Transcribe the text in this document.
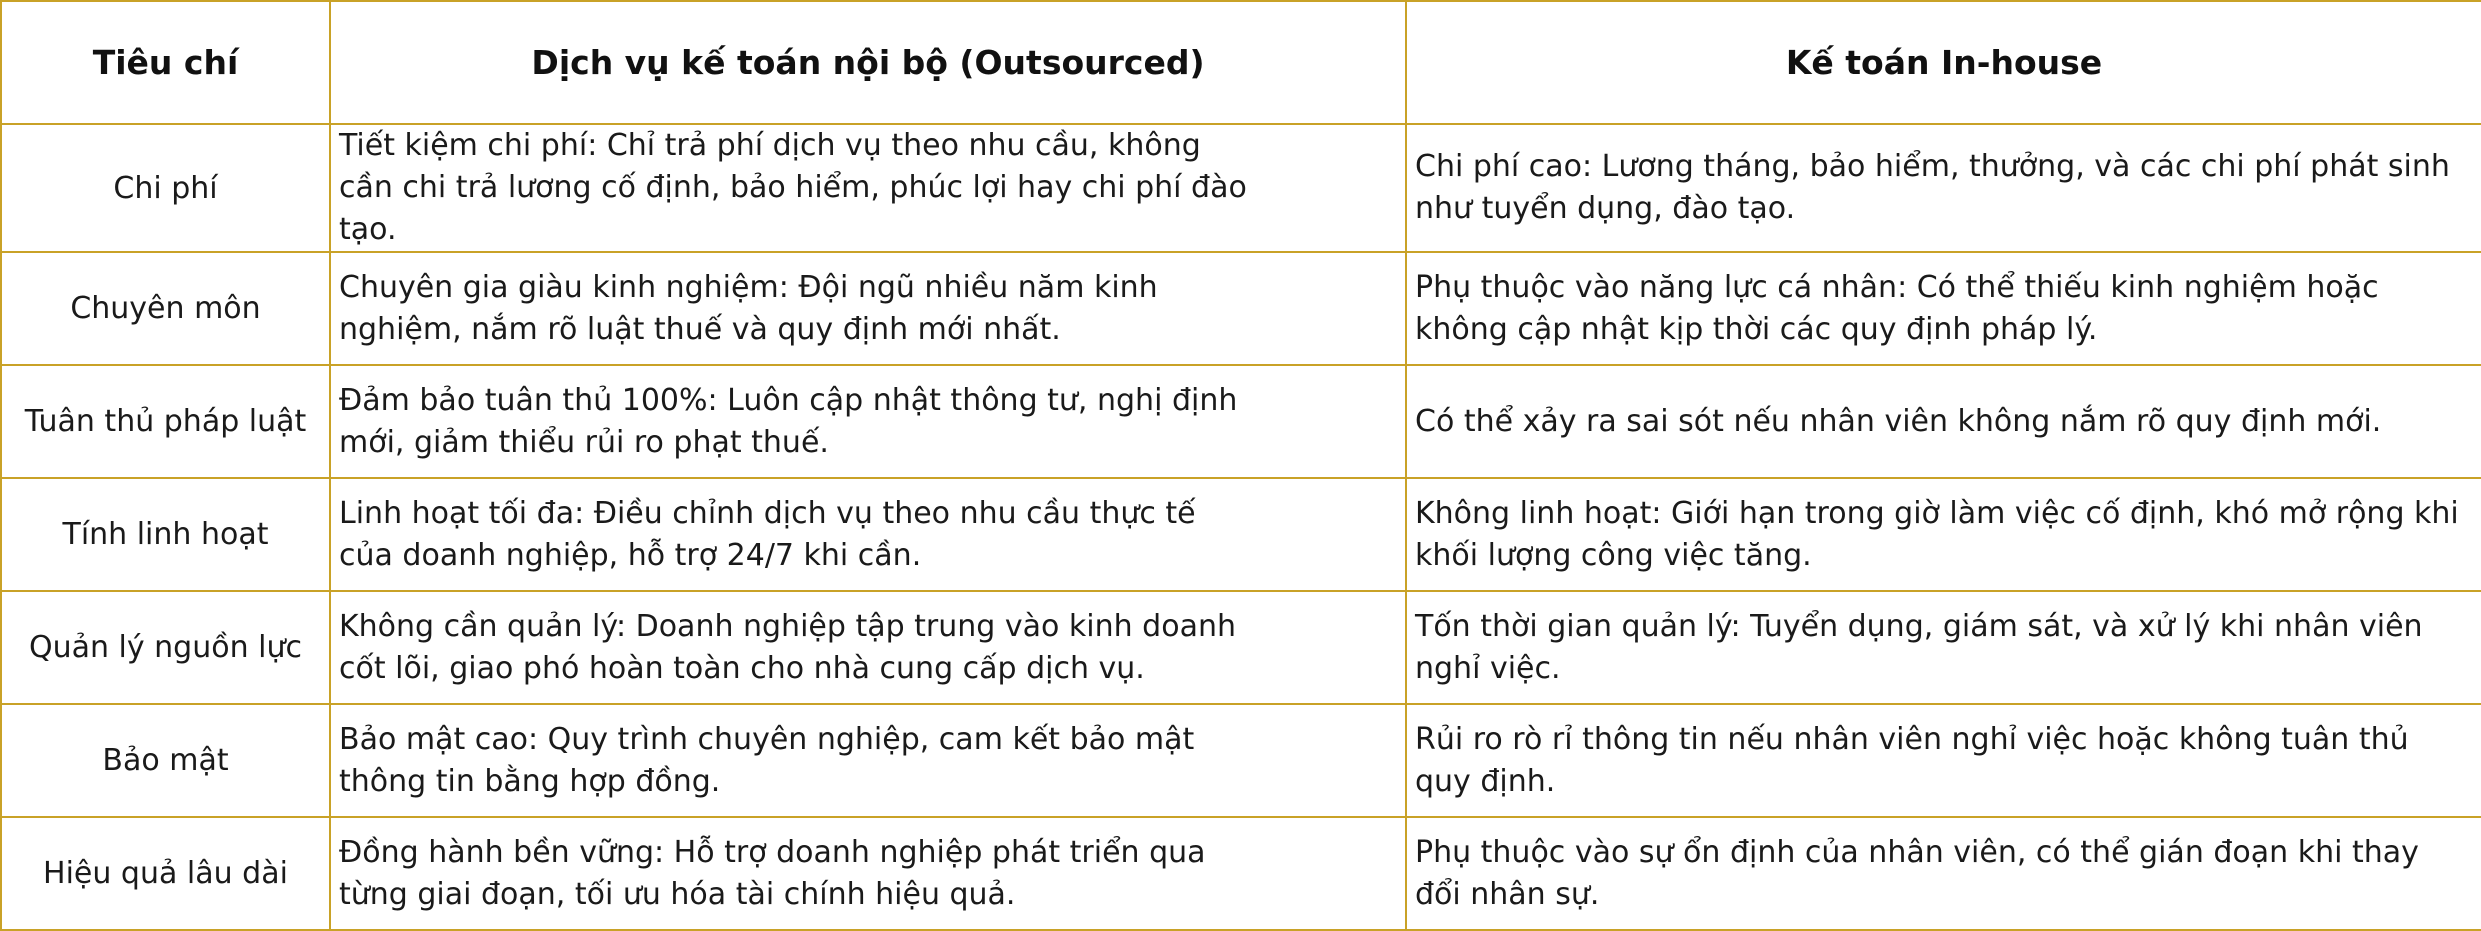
Tiêu chí	Dịch vụ kế toán nội bộ (Outsourced)	Kế toán In-house
Chi phí	Tiết kiệm chi phí: Chỉ trả phí dịch vụ theo nhu cầu, không cần chi trả lương cố định, bảo hiểm, phúc lợi hay chi phí đào tạo.	Chi phí cao: Lương tháng, bảo hiểm, thưởng, và các chi phí phát sinh như tuyển dụng, đào tạo.

Chuyên môn	Chuyên gia giàu kinh nghiệm: Đội ngũ nhiều năm kinh nghiệm, nắm rõ luật thuế và quy định mới nhất.	Phụ thuộc vào năng lực cá nhân: Có thể thiếu kinh nghiệm hoặc không cập nhật kịp thời các quy định pháp lý.

Tuân thủ pháp luật	Đảm bảo tuân thủ 100%: Luôn cập nhật thông tư, nghị định mới, giảm thiểu rủi ro phạt thuế.	Có thể xảy ra sai sót nếu nhân viên không nắm rõ quy định mới.

Tính linh hoạt	Linh hoạt tối đa: Điều chỉnh dịch vụ theo nhu cầu thực tế của doanh nghiệp, hỗ trợ 24/7 khi cần.	Không linh hoạt: Giới hạn trong giờ làm việc cố định, khó mở rộng khi khối lượng công việc tăng.

Quản lý nguồn lực	Không cần quản lý: Doanh nghiệp tập trung vào kinh doanh cốt lõi, giao phó hoàn toàn cho nhà cung cấp dịch vụ.	Tốn thời gian quản lý: Tuyển dụng, giám sát, và xử lý khi nhân viên nghỉ việc.

Bảo mật	Bảo mật cao: Quy trình chuyên nghiệp, cam kết bảo mật thông tin bằng hợp đồng.	Rủi ro rò rỉ thông tin nếu nhân viên nghỉ việc hoặc không tuân thủ quy định.

Hiệu quả lâu dài	Đồng hành bền vững: Hỗ trợ doanh nghiệp phát triển qua từng giai đoạn, tối ưu hóa tài chính hiệu quả.	Phụ thuộc vào sự ổn định của nhân viên, có thể gián đoạn khi thay đổi nhân sự.
